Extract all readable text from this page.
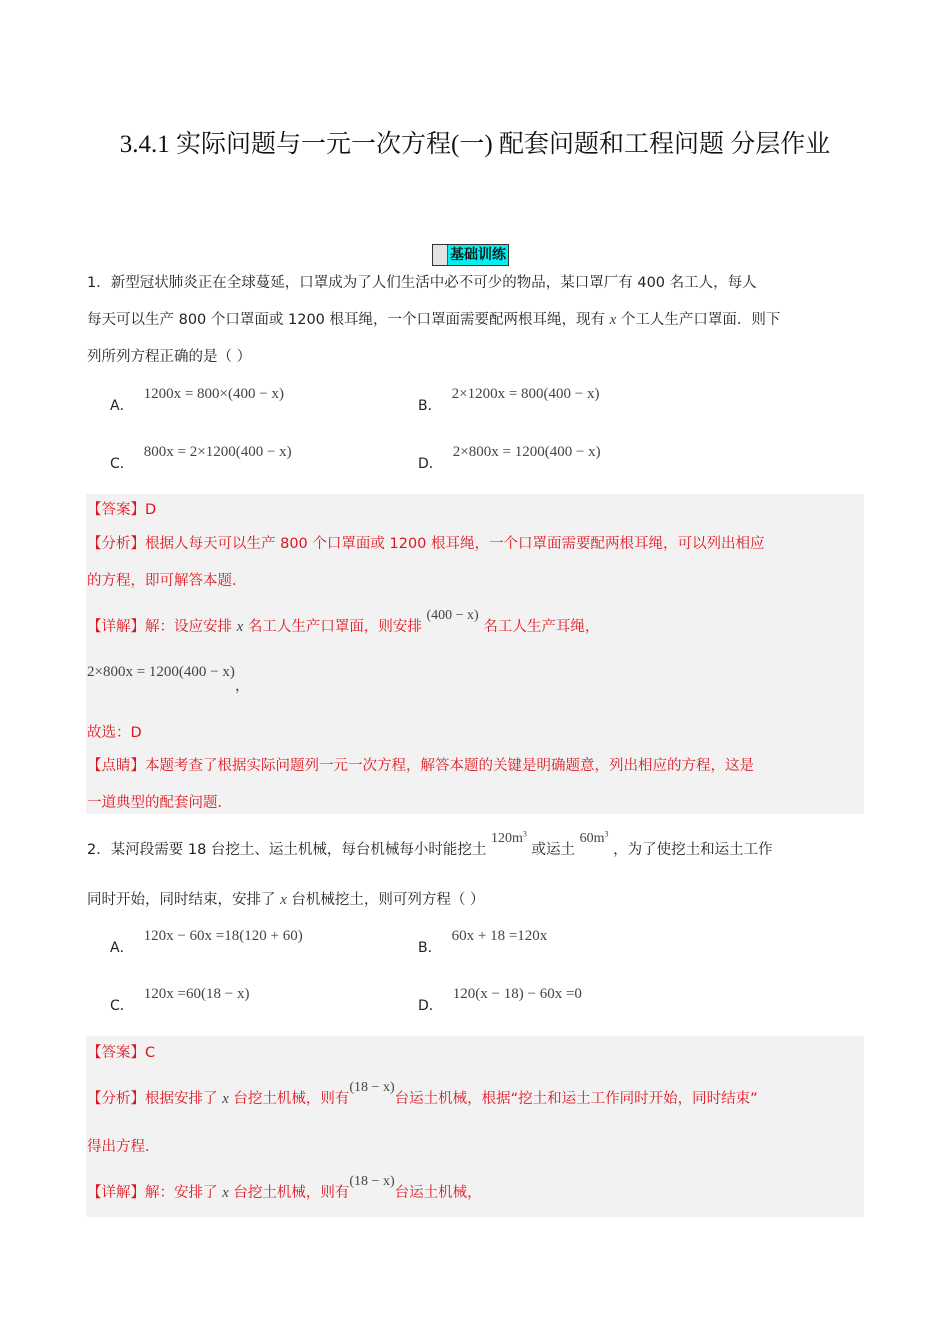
3.4.1 实际问题与一元一次方程(一) 配套问题和工程问题 分层作业
基础训练
1．新型冠状肺炎正在全球蔓延，口罩成为了人们生活中必不可少的物品，某口罩厂有 400 名工人，每人
每天可以生产 800 个口罩面或 1200 根耳绳，一个口罩面需要配两根耳绳，现有 x 个工人生产口罩面．则下
列所列方程正确的是（ ）
A．1200x = 800×(400 − x)
B．2×1200x = 800(400 − x)
C．800x = 2×1200(400 − x)
D．2×800x = 1200(400 − x)
【答案】D
【分析】根据人每天可以生产 800 个口罩面或 1200 根耳绳，一个口罩面需要配两根耳绳，可以列出相应
的方程，即可解答本题．
【详解】解：设应安排 x 名工人生产口罩面，则安排 (400 − x) 名工人生产耳绳，
2×800x = 1200(400 − x)，
故选：D
【点睛】本题考查了根据实际问题列一元一次方程，解答本题的关键是明确题意，列出相应的方程，这是
一道典型的配套问题．
2．某河段需要 18 台挖土、运土机械，每台机械每小时能挖土 $120m^3$ 或运土 $60m^3$ ，为了使挖土和运土工作
同时开始，同时结束，安排了 x 台机械挖土，则可列方程（ ）
A．120x − 60x =18(120 + 60)
B．60x + 18 =120x
C．120x =60(18 − x)
D．120(x − 18) − 60x =0
【答案】C
【分析】根据安排了 x 台挖土机械，则有(18 − x)台运土机械，根据“挖土和运土工作同时开始，同时结束”
得出方程．
【详解】解：安排了 x 台挖土机械，则有(18 − x)台运土机械，
